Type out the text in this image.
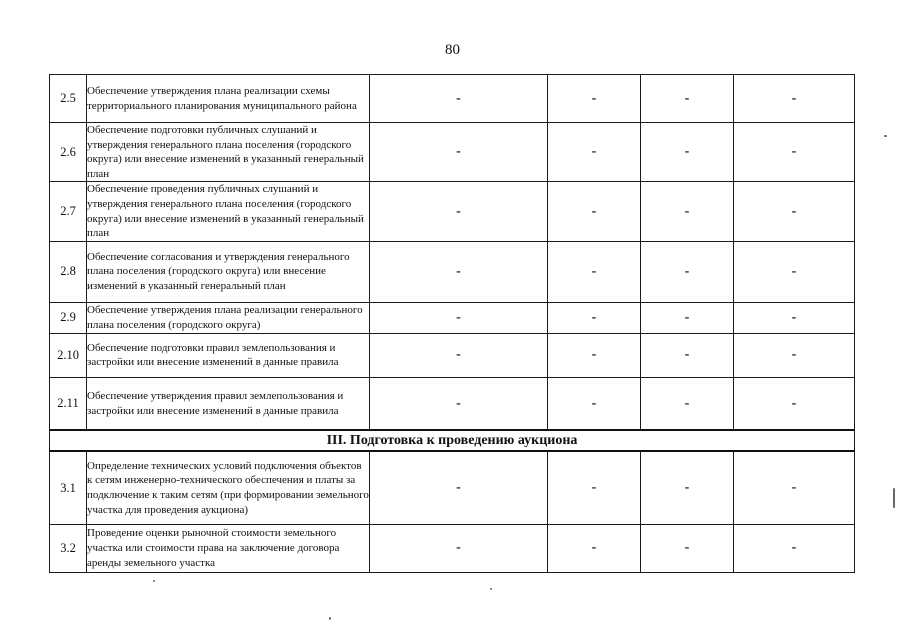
80
2.5	Обеспечение утверждения плана реализации схемы территориального планирования муниципального района	-	-	-	-
2.6	Обеспечение подготовки публичных слушаний и утверждения генерального плана поселения (городского округа) или внесение изменений в указанный генеральный план	-	-	-	-
2.7	Обеспечение проведения публичных слушаний и утверждения генерального плана поселения (городского округа) или внесение изменений в указанный генеральный план	-	-	-	-
2.8	Обеспечение согласования и утверждения генерального плана поселения (городского округа) или внесение изменений в указанный генеральный план	-	-	-	-
2.9	Обеспечение утверждения плана реализации генерального плана поселения (городского округа)	-	-	-	-
2.10	Обеспечение подготовки правил землепользования и застройки или внесение изменений в данные правила	-	-	-	-
2.11	Обеспечение утверждения правил землепользования и застройки или внесение изменений в данные правила	-	-	-	-
III. Подготовка к проведению аукциона					
3.1	Определение технических условий подключения объектов к сетям инженерно-технического обеспечения и платы за подключение к таким сетям (при формировании земельного участка для проведения аукциона)	-	-	-	-
3.2	Проведение оценки рыночной стоимости земельного участка или стоимости права на заключение договора аренды земельного участка	-	-	-	-
